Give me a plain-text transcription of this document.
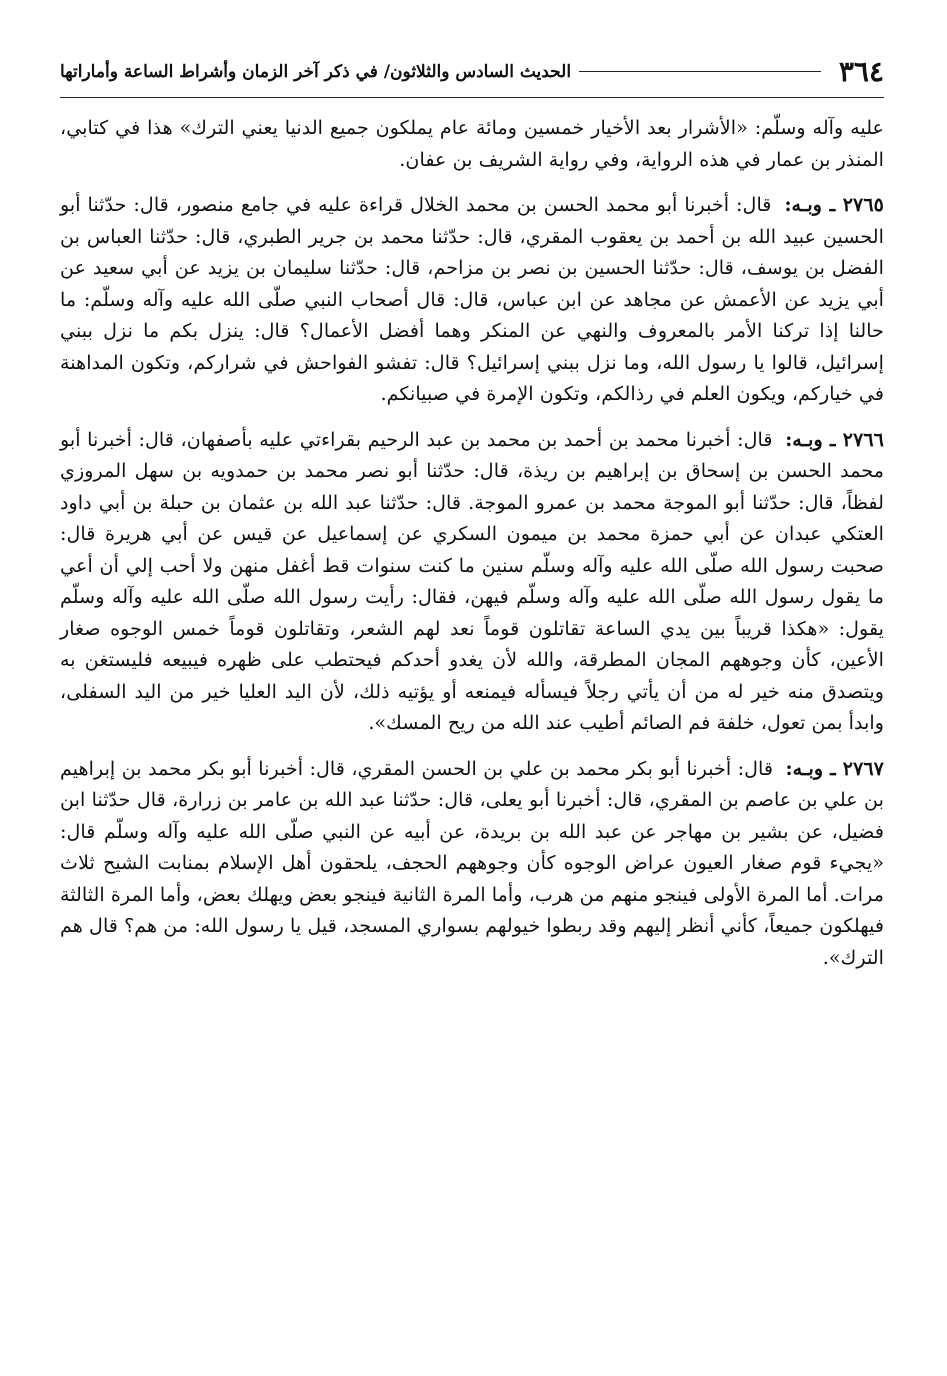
٣٦٤
الحديث السادس والثلاثون/ في ذكر آخر الزمان وأشراط الساعة وأماراتها

عليه وآله وسلّم: «الأشرار بعد الأخيار خمسين ومائة عام يملكون جميع الدنيا يعني الترك» هذا في كتابي، المنذر بن عمار في هذه الرواية، وفي رواية الشريف بن عفان.

٢٧٦٥ ـ وبـه: قال: أخبرنا أبو محمد الحسن بن محمد الخلال قراءة عليه في جامع منصور، قال: حدّثنا أبو الحسين عبيد الله بن أحمد بن يعقوب المقري، قال: حدّثنا محمد بن جرير الطبري، قال: حدّثنا العباس بن الفضل بن يوسف، قال: حدّثنا الحسين بن نصر بن مزاحم، قال: حدّثنا سليمان بن يزيد عن أبي سعيد عن أبي يزيد عن الأعمش عن مجاهد عن ابن عباس، قال: قال أصحاب النبي صلّى الله عليه وآله وسلّم: ما حالنا إذا تركنا الأمر بالمعروف والنهي عن المنكر وهما أفضل الأعمال؟ قال: ينزل بكم ما نزل ببني إسرائيل، قالوا يا رسول الله، وما نزل ببني إسرائيل؟ قال: تفشو الفواحش في شراركم، وتكون المداهنة في خياركم، ويكون العلم في رذالكم، وتكون الإمرة في صبيانكم.

٢٧٦٦ ـ وبـه: قال: أخبرنا محمد بن أحمد بن محمد بن عبد الرحيم بقراءتي عليه بأصفهان، قال: أخبرنا أبو محمد الحسن بن إسحاق بن إبراهيم بن ريذة، قال: حدّثنا أبو نصر محمد بن حمدويه بن سهل المروزي لفظاً، قال: حدّثنا أبو الموجة محمد بن عمرو الموجة. قال: حدّثنا عبد الله بن عثمان بن حبلة بن أبي داود العتكي عبدان عن أبي حمزة محمد بن ميمون السكري عن إسماعيل عن قيس عن أبي هريرة قال: صحبت رسول الله صلّى الله عليه وآله وسلّم سنين ما كنت سنوات قط أغفل منهن ولا أحب إلي أن أعي ما يقول رسول الله صلّى الله عليه وآله وسلّم فيهن، فقال: رأيت رسول الله صلّى الله عليه وآله وسلّم يقول: «هكذا قريباً بين يدي الساعة تقاتلون قوماً نعد لهم الشعر، وتقاتلون قوماً خمس الوجوه صغار الأعين، كأن وجوههم المجان المطرقة، والله لأن يغدو أحدكم فيحتطب على ظهره فيبيعه فليستغن به ويتصدق منه خير له من أن يأتي رجلاً فيسأله فيمنعه أو يؤتيه ذلك، لأن اليد العليا خير من اليد السفلى، وابدأ بمن تعول، خلفة فم الصائم أطيب عند الله من ريح المسك».

٢٧٦٧ ـ وبـه: قال: أخبرنا أبو بكر محمد بن علي بن الحسن المقري، قال: أخبرنا أبو بكر محمد بن إبراهيم بن علي بن عاصم بن المقري، قال: أخبرنا أبو يعلى، قال: حدّثنا عبد الله بن عامر بن زرارة، قال حدّثنا ابن فضيل، عن بشير بن مهاجر عن عبد الله بن بريدة، عن أبيه عن النبي صلّى الله عليه وآله وسلّم قال: «يجيء قوم صغار العيون عراض الوجوه كأن وجوههم الحجف، يلحقون أهل الإسلام بمنابت الشيح ثلاث مرات. أما المرة الأولى فينجو منهم من هرب، وأما المرة الثانية فينجو بعض ويهلك بعض، وأما المرة الثالثة فيهلكون جميعاً، كأني أنظر إليهم وقد ربطوا خيولهم بسواري المسجد، قيل يا رسول الله: من هم؟ قال هم الترك».
